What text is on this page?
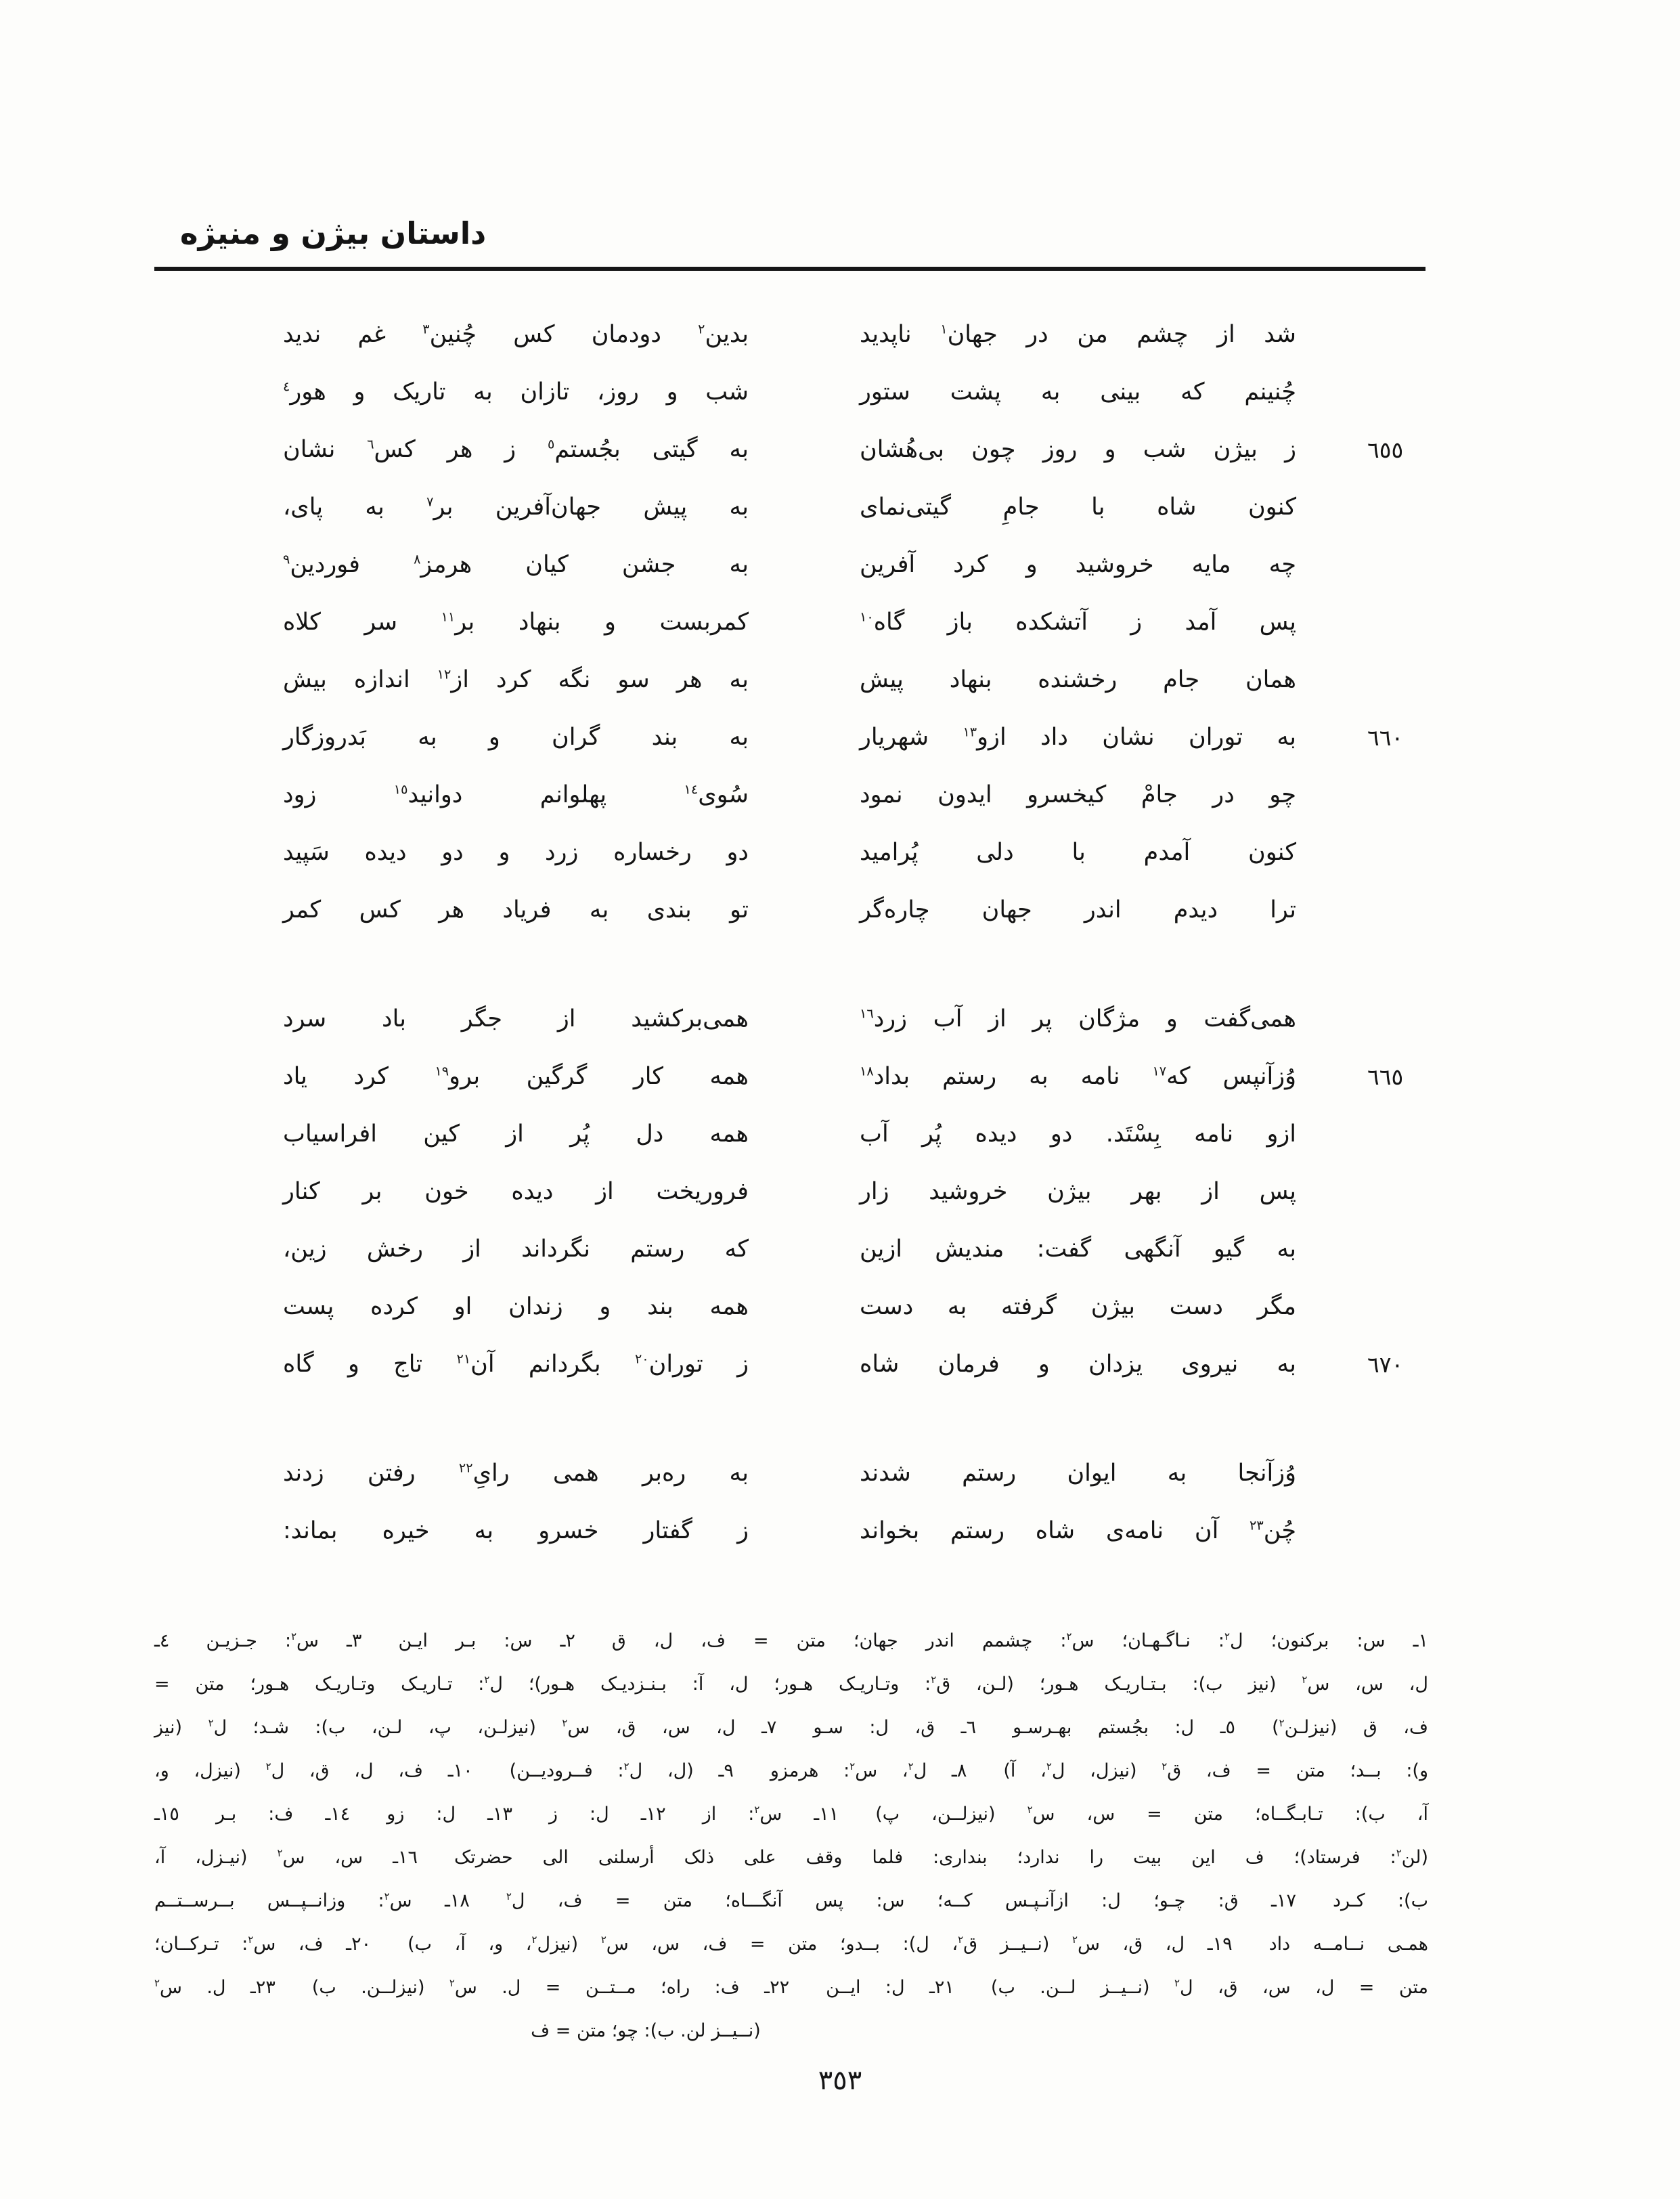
داستان بیژن و منیژه
شد از چشم من در جهان$^١$ ناپدید
بدین$^٢$ دودمان کس چُنین$^٣$ غم ندید
چُنینم که بینی به پشت ستور
شب و روز، تازان به تاریک و هور$^٤$
٦٥٥
ز بیژن شب و روز چون بی‌هُشان
به گیتی بجُستم$^٥$ ز هر کس$^٦$ نشان
کنون شاه با جامِ گیتی‌نمای
به پیش جهان‌آفرین بر$^٧$ به پای،
چه مایه خروشید و کرد آفرین
به جشن کیان هرمز$^٨$ فوردین$^٩$
پس آمد ز آتشکده باز گاه$^{١٠}$
کمربست و بنهاد بر$^{١١}$ سر کلاه
همان جام رخشنده بنهاد پیش
به هر سو نگه کرد از$^{١٢}$ اندازه بیش
٦٦٠
به توران نشان داد ازو$^{١٣}$ شهریار
به بند گران و به بَدروزگار
چو در جامْ کیخسرو ایدون نمود
سُوی$^{١٤}$ پهلوانم دوانید$^{١٥}$ زود
کنون آمدم با دلی پُرامید
دو رخساره زرد و دو دیده سَپید
ترا دیدم اندر جهان چاره‌گر
تو بندی به فریاد هر کس کمر
همی‌گفت و مژگان پر از آب زرد$^{١٦}$
همی‌برکشید از جگر باد سرد
٦٦٥
وُزآنپس که$^{١٧}$ نامه به رستم بداد$^{١٨}$
همه کار گرگین برو$^{١٩}$ کرد یاد
ازو نامه بِسْتَد. دو دیده پُر آب
همه دل پُر از کین افراسیاب
پس از بهر بیژن خروشید زار
فروریخت از دیده خون بر کنار
به گیو آنگهی گفت: مندیش ازین
که رستم نگرداند از رخش زین،
مگر دست بیژن گرفته به دست
همه بند و زندان او کرده پست
٦٧٠
به نیروی یزدان و فرمان شاه
ز توران$^{٢٠}$ بگردانم آن$^{٢١}$ تاج و گاه
وُزآنجا به ایوان رستم شدند
به ره‌بر همی رایِ$^{٢٢}$ رفتن زدند
چُن$^{٢٣}$ آن نامه‌ی شاه رستم بخواند
ز گفتار خسرو به خیره بماند:
١ـ س: برکنون؛ ل$^٢$: نـاگـهـان؛ س$^٢$: چشمم اندر جهان؛ متن = ف، ل، ق  ٢ـ س: بـر ایـن  ٣ـ س$^٢$: جـزیـن  ٤ـ
ل، س، س$^٢$ (نیز ب): بـتـاریـک هـور؛ (لـن، ق$^٢$: وتـاریـک هـور؛ ل، آ: بـنـزدیـک هـور)؛ ل$^٢$: تـاریـک وتـاریـک هـور؛ متن =
ف، ق (نیزلـن$^٢$)  ٥ـ ل: بجُستم بهـرسـو  ٦ـ ق، ل: سـو  ٧ـ ل، س، ق، س$^٢$ (نیزلـن، پ، لـن، ب): شـد؛ ل$^٢$ (نیز
و): بــد؛ متن = ف، ق$^٢$ (نیزل، ل$^٢$، آ)  ٨ـ ل$^٢$، س$^٢$: هرمزو  ٩ـ (ل، ل$^٢$: فــرودیــن)  ١٠ـ ف، ل، ق، ل$^٢$ (نیزل، و،
آ، ب): تـابـگــاه؛ متن = س، س$^٢$ (نیزلــن، پ)  ١١ـ س$^٢$: از  ١٢ـ ل: ز  ١٣ـ ل: زو  ١٤ـ ف: بـر  ١٥ـ
(لن$^٢$: فرستاد)؛ ف این بیت را ندارد؛ بنداری: فلما وقف علی ذلک أرسلنی الی حضرتک  ١٦ـ س، س$^٢$ (نیـزل، آ،
ب): کـرد  ١٧ـ ق: چـو؛ ل: ازآنـپـس کــه؛ س: پس آنگـــاه؛ متن = ف، ل$^٢$  ١٨ـ س$^٢$: وزانــپــس بــرســتــم
همـی نــامــه داد  ١٩ـ ل، ق، س$^٢$ (نــیــز ق$^٢$، ل): بــدو؛ متن = ف، س، س$^٢$ (نیزل$^٢$، و، آ، ب)  ٢٠ـ ف، س$^٢$: تـرکــان؛
متن = ل، س، ق، ل$^٢$ (نــیــز لــن. ب)  ٢١ـ ل: ایــن  ٢٢ـ ف: راه؛ مــتــن = ل. س$^٢$ (نیزلــن. ب)  ٢٣ـ ل. س$^٢$
(نــیــز لن. ب): چو؛ متن = ف
٣٥٣
